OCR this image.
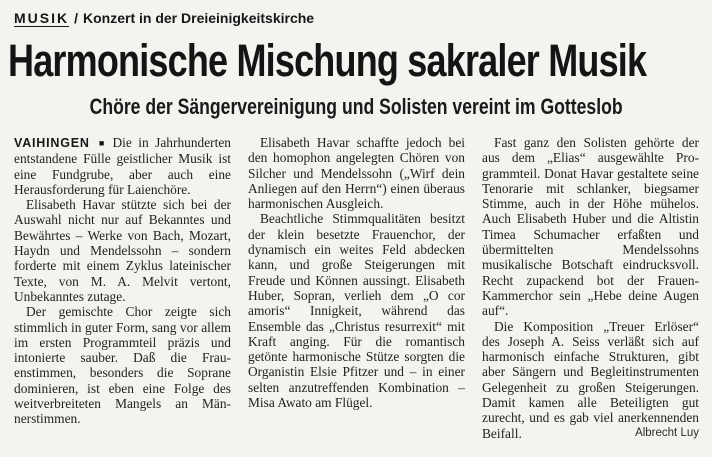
MUSIK / Konzert in der Dreieinigkeitskirche
Harmonische Mischung sakraler Musik
Chöre der Sängervereinigung und Solisten vereint im Gotteslob

VAIHINGEN ■ Die in Jahrhunderten entstandene Fülle geistlicher Musik ist eine Fundgrube, aber auch eine Herausforderung für Laienchöre.

Elisabeth Havar stützte sich bei der Auswahl nicht nur auf Bekanntes und Bewährtes – Werke von Bach, Mozart, Haydn und Mendelssohn – sondern forderte mit einem Zyklus lateinischer Texte, von M. A. Melvit vertont, Unbekanntes zutage.

Der gemischte Chor zeigte sich stimmlich in guter Form, sang vor allem im ersten Programmteil präzis und intonierte sauber. Daß die Frauenstimmen, besonders die Soprane dominieren, ist eben eine Folge des weitverbreiteten Mangels an Männerstimmen.

Elisabeth Havar schaffte jedoch bei den homophon angelegten Chören von Silcher und Mendelssohn („Wirf dein Anliegen auf den Herrn“) einen überaus harmonischen Ausgleich.

Beachtliche Stimmqualitäten besitzt der klein besetzte Frauenchor, der dynamisch ein weites Feld abdecken kann, und große Steigerungen mit Freude und Können aussingt. Elisabeth Huber, Sopran, verlieh dem „O cor amoris“ Innigkeit, während das Ensemble das „Christus resurrexit“ mit Kraft anging. Für die romantisch getönte harmonische Stütze sorgten die Organistin Elsie Pfitzer und – in einer selten anzutreffenden Kombination – Misa Awato am Flügel.

Fast ganz den Solisten gehörte der aus dem „Elias“ ausgewählte Programmteil. Donat Havar gestaltete seine Tenorarie mit schlanker, biegsamer Stimme, auch in der Höhe mühelos. Auch Elisabeth Huber und die Altistin Timea Schumacher erfaßten und übermittelten Mendelssohns musikalische Botschaft eindrucksvoll. Recht zupackend bot der Frauen-Kammerchor sein „Hebe deine Augen auf“.

Die Komposition „Treuer Erlöser“ des Joseph A. Seiss verläßt sich auf harmonisch einfache Strukturen, gibt aber Sängern und Begleitinstrumenten Gelegenheit zu großen Steigerungen. Damit kamen alle Beteiligten gut zurecht, und es gab viel anerkennenden Beifall.	Albrecht Luy
